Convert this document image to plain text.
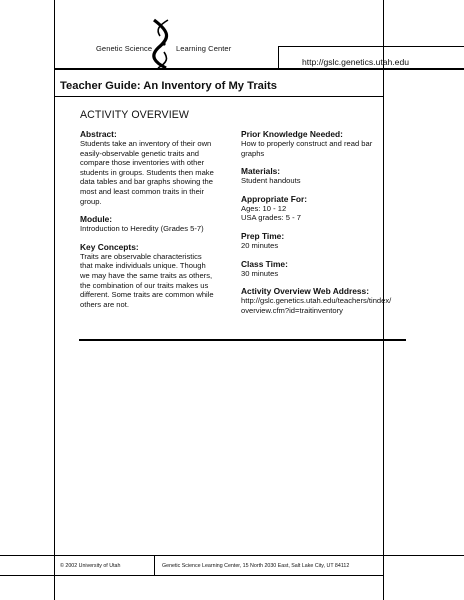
Genetic Science	Learning Center
http://gslc.genetics.utah.edu
Teacher Guide: An Inventory of My Traits
ACTIVITY OVERVIEW
Abstract:
Students take an inventory of their own
easily-observable genetic traits and
compare those inventories with other
students in groups. Students then make
data tables and bar graphs showing the
most and least common traits in their
group.
Module:
Introduction to Heredity (Grades 5-7)
Key Concepts:
Traits are observable characteristics
that make individuals unique. Though
we may have the same traits as others,
the combination of our traits makes us
different. Some traits are common while
others are not.
Prior Knowledge Needed:
How to properly construct and read bar
graphs
Materials:
Student handouts
Appropriate For:
Ages: 10 - 12
USA grades: 5 - 7
Prep Time:
20 minutes
Class Time:
30 minutes
Activity Overview Web Address:
http://gslc.genetics.utah.edu/teachers/tindex/
overview.cfm?id=traitinventory
© 2002 University of Utah	Genetic Science Learning Center, 15 North 2030 East, Salt Lake City, UT 84112
